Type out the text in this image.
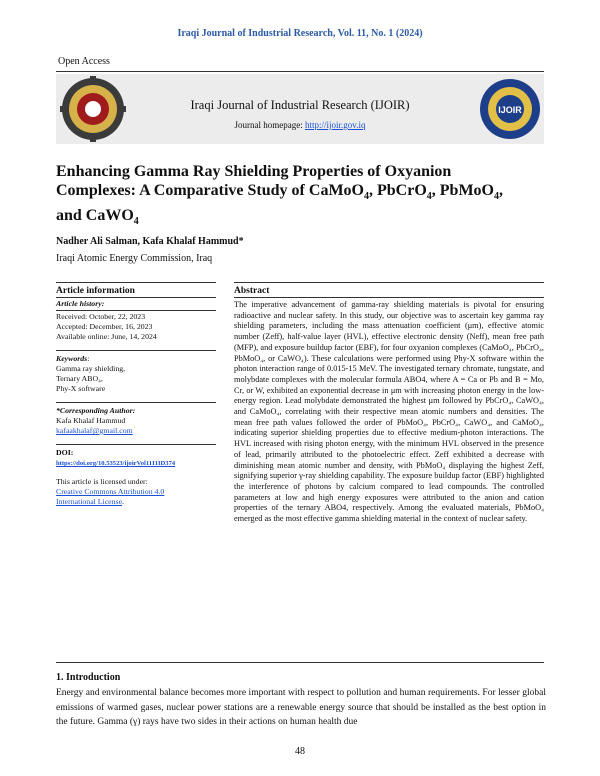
Iraqi Journal of Industrial Research, Vol. 11, No. 1 (2024)
Open Access
IJOIR
Iraqi Journal of Industrial Research (IJOIR)
Journal homepage: http://ijoir.gov.iq
Enhancing Gamma Ray Shielding Properties of Oxyanion
Complexes: A Comparative Study of CaMoO$_4$, PbCrO$_4$, PbMoO$_4$,
and CaWO$_4$
Nadher Ali Salman, Kafa Khalaf Hammud*
Iraqi Atomic Energy Commission, Iraq
Article information
Article history:
Received: October, 22, 2023
Accepted: December, 16, 2023
Available online: June, 14, 2024
Keywords:
Gamma ray shielding,
Ternary ABO₄,
Phy-X software
*Corresponding Author:
Kafa Khalaf Hammud
kafaakhalaf@gmail.com
DOI:
https://doi.org/10.53523/ijoirVol11I1ID374
This article is licensed under:
Creative Commons Attribution 4.0
International License.
Abstract
The imperative advancement of gamma-ray shielding materials is pivotal for ensuring radioactive and nuclear safety. In this study, our objective was to ascertain key gamma ray shielding parameters, including the mass attenuation coefficient (μm), effective atomic number (Zeff), half-value layer (HVL), effective electronic density (Neff), mean free path (MFP), and exposure buildup factor (EBF), for four oxyanion complexes (CaMoO₄, PbCrO₄, PbMoO₄, or CaWO₄). These calculations were performed using Phy-X software within the photon interaction range of 0.015-15 MeV. The investigated ternary chromate, tungstate, and molybdate complexes with the molecular formula ABO4, where A = Ca or Pb and B = Mo, Cr, or W, exhibited an exponential decrease in μm with increasing photon energy in the low-energy region. Lead molybdate demonstrated the highest μm followed by PbCrO₄, CaWO₄, and CaMoO₄, correlating with their respective mean atomic numbers and densities. The mean free path values followed the order of PbMoO₄, PbCrO₄, CaWO₄, and CaMoO₄, indicating superior shielding properties due to effective medium-photon interactions. The HVL increased with rising photon energy, with the minimum HVL observed in the presence of lead, primarily attributed to the photoelectric effect. Zeff exhibited a decrease with diminishing mean atomic number and density, with PbMoO₄ displaying the highest Zeff, signifying superior γ-ray shielding capability. The exposure buildup factor (EBF) highlighted the interference of photons by calcium compared to lead compounds. The controlled parameters at low and high energy exposures were attributed to the anion and cation properties of the ternary ABO4, respectively. Among the evaluated materials, PbMoO₄ emerged as the most effective gamma shielding material in the context of nuclear safety.
1. Introduction
Energy and environmental balance becomes more important with respect to pollution and human requirements. For lesser global emissions of warmed gases, nuclear power stations are a renewable energy source that should be installed as the best option in the future. Gamma (γ) rays have two sides in their actions on human health due
48
